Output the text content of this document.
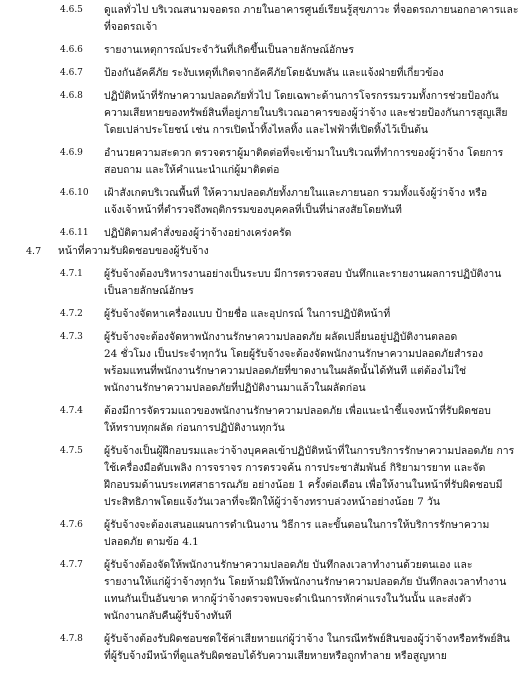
4.6.5	ดูแลทั่วไป บริเวณสนามจอดรถ ภายในอาคารศูนย์เรียนรู้สุขภาวะ ที่จอดรถภายนอกอาคารและ
ที่จอดรถเจ้า
4.6.6	รายงานเหตุการณ์ประจำวันที่เกิดขึ้นเป็นลายลักษณ์อักษร
4.6.7	ป้องกันอัคคีภัย ระงับเหตุที่เกิดจากอัคคีภัยโดยฉับพลัน และแจ้งฝ่ายที่เกี่ยวข้อง
4.6.8	ปฏิบัติหน้าที่รักษาความปลอดภัยทั่วไป โดยเฉพาะด้านการโจรกรรมรวมทั้งการช่วยป้องกัน
ความเสียหายของทรัพย์สินที่อยู่ภายในบริเวณอาคารของผู้ว่าจ้าง และช่วยป้องกันการสูญเสีย
โดยเปล่าประโยชน์ เช่น การเปิดน้ำทิ้งไหลทิ้ง และไฟฟ้าที่เปิดทิ้งไว้เป็นต้น
4.6.9	อำนวยความสะดวก ตรวจตราผู้มาติดต่อที่จะเข้ามาในบริเวณที่ทำการของผู้ว่าจ้าง โดยการ
สอบถาม และให้คำแนะนำแก่ผู้มาติดต่อ
4.6.10	เฝ้าสังเกตบริเวณพื้นที่ ให้ความปลอดภัยทั้งภายในและภายนอก รวมทั้งแจ้งผู้ว่าจ้าง หรือ
แจ้งเจ้าหน้าที่ตำรวจถึงพฤติกรรมของบุคคลที่เป็นที่น่าสงสัยโดยทันที
4.6.11	ปฏิบัติตามคำสั่งของผู้ว่าจ้างอย่างเคร่งครัด
4.7	หน้าที่ความรับผิดชอบของผู้รับจ้าง
4.7.1	ผู้รับจ้างต้องบริหารงานอย่างเป็นระบบ มีการตรวจสอบ บันทึกและรายงานผลการปฏิบัติงาน
เป็นลายลักษณ์อักษร
4.7.2	ผู้รับจ้างจัดหาเครื่องแบบ ป้ายชื่อ และอุปกรณ์ ในการปฏิบัติหน้าที่
4.7.3	ผู้รับจ้างจะต้องจัดหาพนักงานรักษาความปลอดภัย ผลัดเปลี่ยนอยู่ปฏิบัติงานตลอด
24 ชั่วโมง เป็นประจำทุกวัน โดยผู้รับจ้างจะต้องจัดพนักงานรักษาความปลอดภัยสำรอง
พร้อมแทนที่พนักงานรักษาความปลอดภัยที่ขาดงานในผลัดนั้นได้ทันที แต่ต้องไม่ใช่
พนักงานรักษาความปลอดภัยที่ปฏิบัติงานมาแล้วในผลัดก่อน
4.7.4	ต้องมีการจัดรวมแถวของพนักงานรักษาความปลอดภัย เพื่อแนะนำชี้แจงหน้าที่รับผิดชอบ
ให้ทราบทุกผลัด ก่อนการปฏิบัติงานทุกวัน
4.7.5	ผู้รับจ้างเป็นผู้ฝึกอบรมและว่าจ้างบุคคลเข้าปฏิบัติหน้าที่ในการบริการรักษาความปลอดภัย การ
ใช้เครื่องมือดับเพลิง การจราจร การตรวจค้น การประชาสัมพันธ์ กิริยามารยาท และจัด
ฝึกอบรมด้านบระเทศสาธารณภัย อย่างน้อย 1 ครั้งต่อเดือน เพื่อให้งานในหน้าที่รับผิดชอบมี
ประสิทธิภาพโดยแจ้งวันเวลาที่จะฝึกให้ผู้ว่าจ้างทราบล่วงหน้าอย่างน้อย 7 วัน
4.7.6	ผู้รับจ้างจะต้องเสนอแผนการดำเนินงาน วิธีการ และขั้นตอนในการให้บริการรักษาความ
ปลอดภัย ตามข้อ 4.1
4.7.7	ผู้รับจ้างต้องจัดให้พนักงานรักษาความปลอดภัย บันทึกลงเวลาทำงานด้วยตนเอง และ
รายงานให้แก่ผู้ว่าจ้างทุกวัน โดยห้ามมิให้พนักงานรักษาความปลอดภัย บันทึกลงเวลาทำงาน
แทนกันเป็นอันขาด หากผู้ว่าจ้างตรวจพบจะดำเนินการหักค่าแรงในวันนั้น และส่งตัว
พนักงานกลับคืนผู้รับจ้างทันที
4.7.8	ผู้รับจ้างต้องรับผิดชอบชดใช้ค่าเสียหายแก่ผู้ว่าจ้าง ในกรณีทรัพย์สินของผู้ว่าจ้างหรือทรัพย์สิน
ที่ผู้รับจ้างมีหน้าที่ดูแลรับผิดชอบได้รับความเสียหายหรือถูกทำลาย หรือสูญหาย
